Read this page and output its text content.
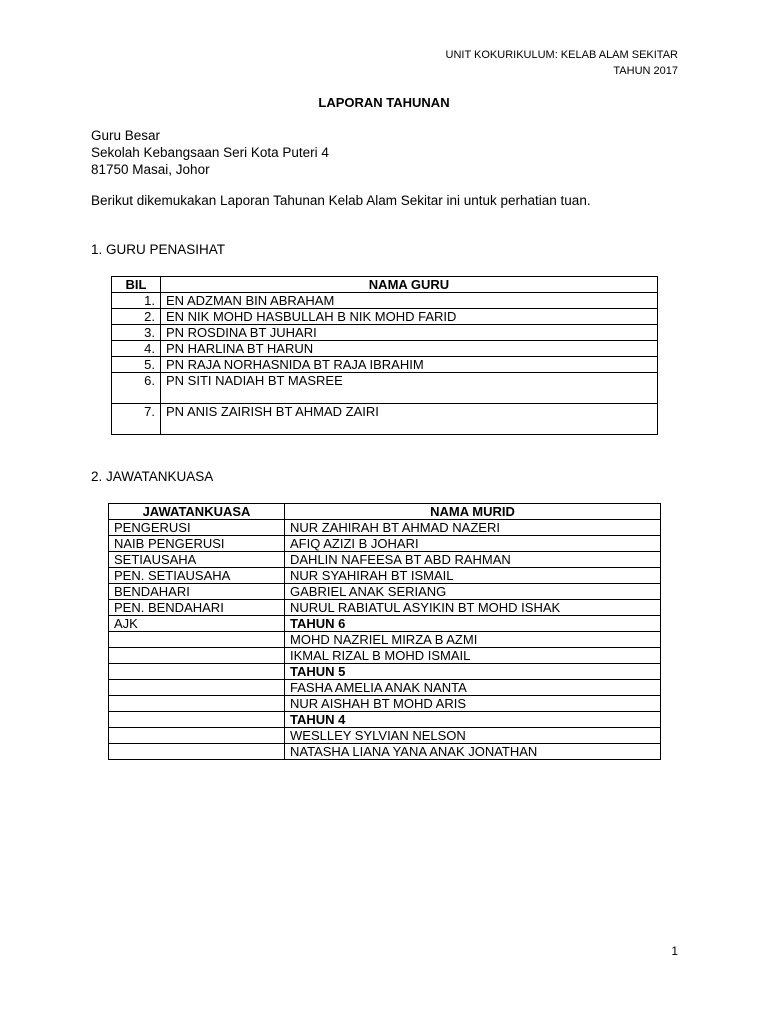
UNIT KOKURIKULUM: KELAB ALAM SEKITAR
TAHUN 2017
LAPORAN TAHUNAN
Guru Besar
Sekolah Kebangsaan Seri Kota Puteri 4
81750 Masai, Johor
Berikut dikemukakan Laporan Tahunan Kelab Alam Sekitar ini untuk perhatian tuan.
1. GURU PENASIHAT
BIL	NAMA GURU
1.	EN ADZMAN BIN ABRAHAM
2.	EN NIK MOHD HASBULLAH B NIK MOHD FARID
3.	PN ROSDINA BT JUHARI
4.	PN HARLINA BT HARUN
5.	PN RAJA NORHASNIDA BT RAJA IBRAHIM
6.	PN SITI NADIAH BT MASREE
7.	PN ANIS ZAIRISH BT AHMAD ZAIRI
2. JAWATANKUASA
JAWATANKUASA	NAMA MURID
PENGERUSI	NUR ZAHIRAH BT AHMAD NAZERI
NAIB PENGERUSI	AFIQ AZIZI B JOHARI
SETIAUSAHA	DAHLIN NAFEESA BT ABD RAHMAN
PEN. SETIAUSAHA	NUR SYAHIRAH BT ISMAIL
BENDAHARI	GABRIEL ANAK SERIANG
PEN. BENDAHARI	NURUL RABIATUL ASYIKIN BT MOHD ISHAK
AJK	TAHUN 6
	MOHD NAZRIEL MIRZA B AZMI
	IKMAL RIZAL B MOHD ISMAIL
	TAHUN 5
	FASHA AMELIA ANAK NANTA
	NUR AISHAH BT MOHD ARIS
	TAHUN 4
	WESLLEY SYLVIAN NELSON
	NATASHA LIANA YANA ANAK JONATHAN
1
